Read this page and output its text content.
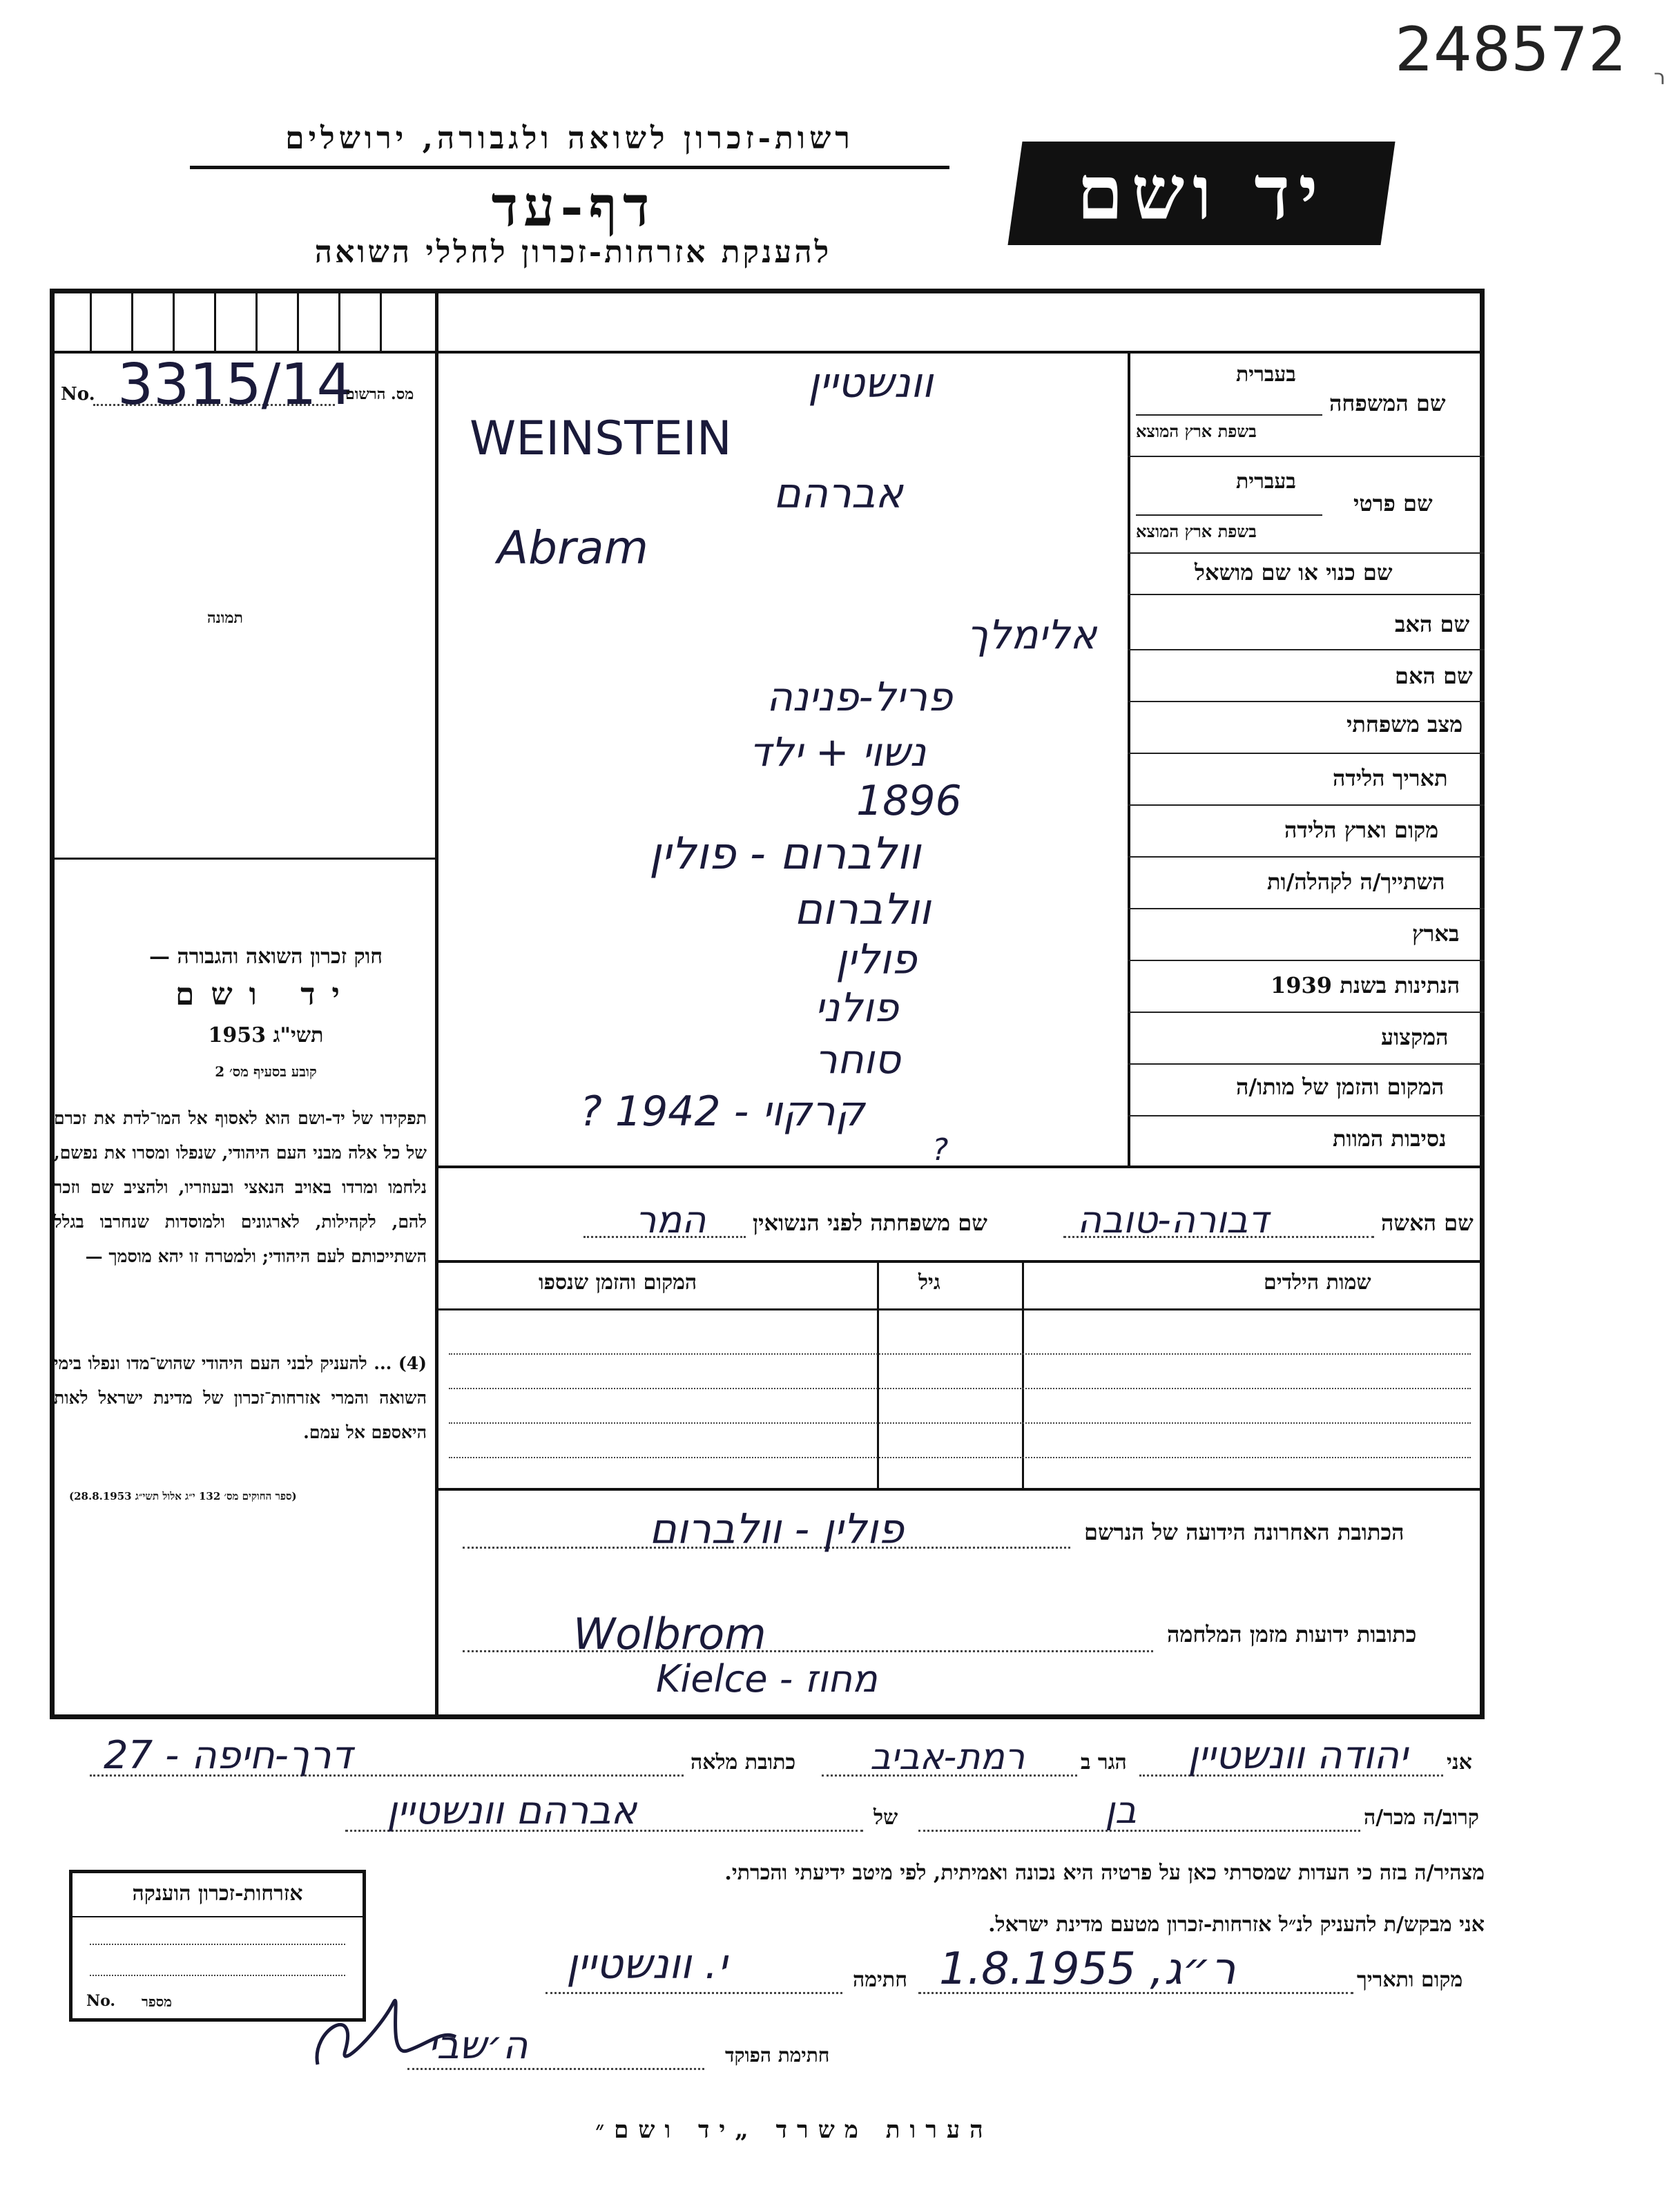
248572 ר
רשות-זכרון לשואה ולגבורה, ירושלים
דף-עד
להענקת אזרחות-זכרון לחללי השואה
יד ושם
No. 3315/14
מס. הרשום
תמונה
בעברית
שם המשפחה
בשפת ארץ המוצא
בעברית
שם פרטי
בשפת ארץ המוצא
שם כנוי או שם מושאל
שם האב
שם האם
מצב משפחתי
תאריך הלידה
מקום וארץ הלידה
השתייך/ה לקהלה/ות
בארץ
הנתינות בשנת 1939
המקצוע
המקום והזמן של מותו/ה
נסיבות המוות
וונשטיין
WEINSTEIN
אברהם
Abram
אלימלך
פריל-פנינה
נשוי + ילד
1896
וולברום - פולין
וולברום
פולין
פולני
סוחר
קרקוי - 1942 ?
?
שם האשה
דבורה-טובה
שם משפחתה לפני הנשואין
המר
שמות הילדים
גיל
המקום והזמן שנספו
הכתובת האחרונה הידועה של הנרשם
פולין - וולברום
כתובות ידועות מזמן המלחמה
Wolbrom
Kielce - מחוז
חוק זכרון השואה והגבורה —
יד ושם
תשי"ג 1953
קובע בסעיף מס׳ 2
תפקידו של יד-ושם הוא לאסוף אל המו־לדת את זכרם של כל אלה מבני העם היהודי, שנפלו ומסרו את נפשם, נלחמו ומרדו באויב הנאצי ובעוזריו, ולהציב שם וזכר להם, לקהילות, לארגונים ולמוסדות שנחרבו בגלל השתייכותם לעם היהודי; ולמטרה זו יהא מוסמך —
(4) ... להעניק לבני העם היהודי שהוש־מדו ונפלו בימי השואה והמרי אזרחות־זכרון של מדינת ישראל לאות היאספם אל עמם.
(ספר החוקים מס׳ 132 י״ג אלול תשי״ג 28.8.1953)
אני
יהודה וונשטיין
הגר ב
רמת-אביב
כתובת מלאה
דרך-חיפה - 27
קרוב/ה מכר/ה
בן
של
אברהם וונשטיין
מצהיר/ה בזה כי העדות שמסרתי כאן על פרטיה היא נכונה ואמיתית, לפי מיטב ידיעתי והכרתי.
אני מבקש/ת להעניק לנ״ל אזרחות-זכרון מטעם מדינת ישראל.
מקום ותאריך
ר״ג, 1.8.1955
חתימה
י. וונשטיין
אזרחות-זכרון הוענקה
No. מספר
חתימת הפוקד
ה׳שבי
הערות משרד „יד ושם״
